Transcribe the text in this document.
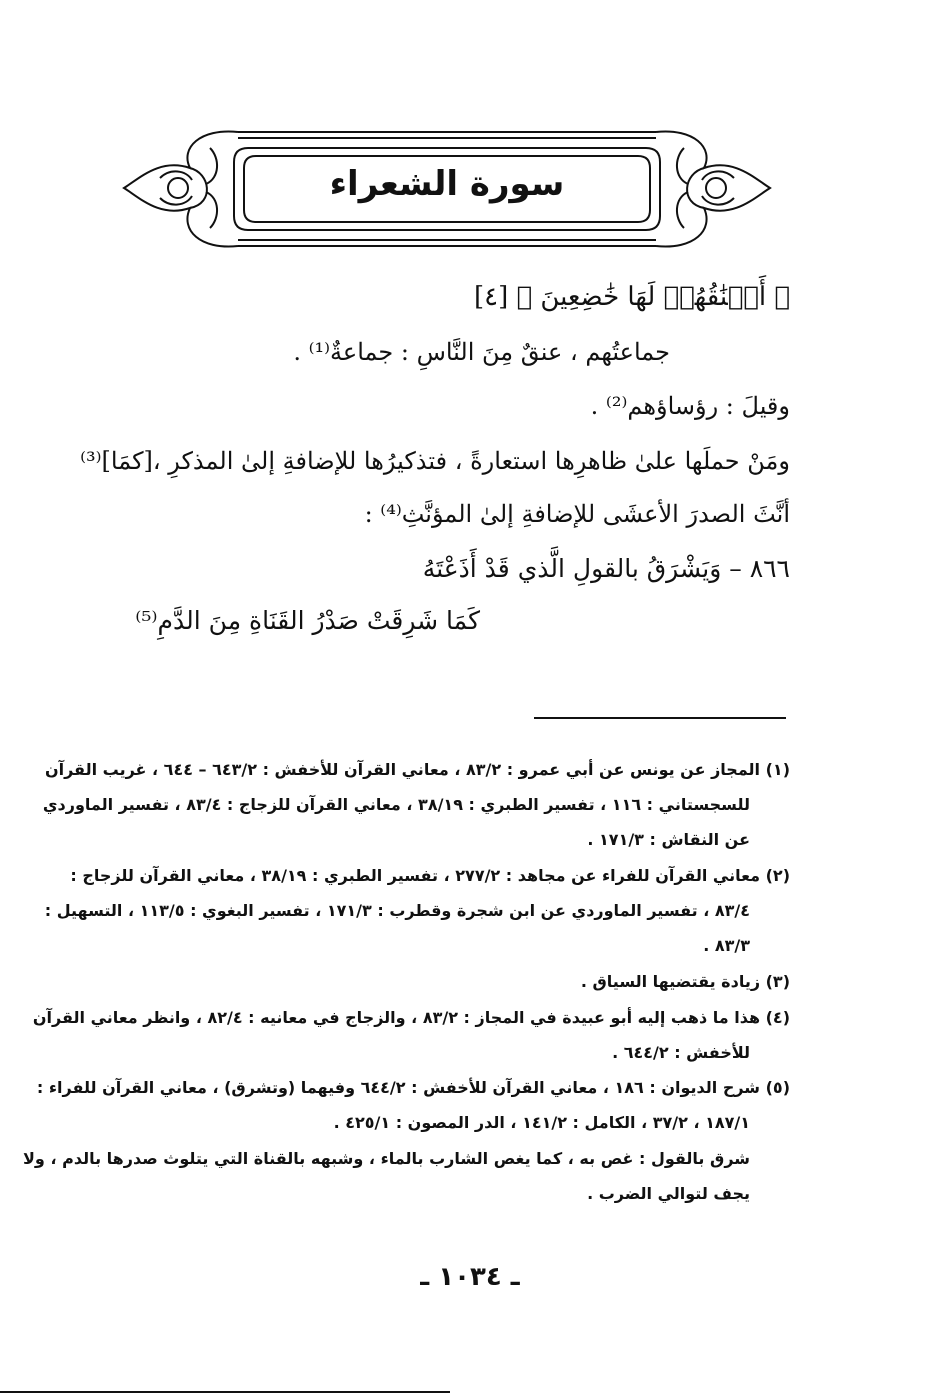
سورة الشعراء
﴿ أَعۡنَٰقُهُمۡ لَهَا خَٰضِعِينَ ﴾ [٤]
جماعتُهم ، عنقٌ مِنَ النَّاسِ : جماعةٌ⁽¹⁾ .
وقيلَ : رؤساؤهم⁽²⁾ .
ومَنْ حملَها علىٰ ظاهرِها استعارةً ، فتذكيرُها للإضافةِ إلىٰ المذكرِ ،[كمَا]⁽³⁾
أنَّثَ الصدرَ الأعشَى للإضافةِ إلىٰ المؤنَّثِ⁽⁴⁾ :
٨٦٦ – وَيَشْرَقُ بالقولِ الَّذي قَدْ أَذَعْتَهُ
كَمَا شَرِقَتْ صَدْرُ القَنَاةِ مِنَ الدَّمِ⁽⁵⁾
(١) المجاز عن يونس عن أبي عمرو : ٨٣/٢ ، معاني القرآن للأخفش : ٦٤٣/٢ – ٦٤٤ ، غريب القرآن
للسجستاني : ١١٦ ، تفسير الطبري : ٣٨/١٩ ، معاني القرآن للزجاج : ٨٣/٤ ، تفسير الماوردي
عن النقاش : ١٧١/٣ .
(٢) معاني القرآن للفراء عن مجاهد : ٢٧٧/٢ ، تفسير الطبري : ٣٨/١٩ ، معاني القرآن للزجاج :
٨٣/٤ ، تفسير الماوردي عن ابن شجرة وقطرب : ١٧١/٣ ، تفسير البغوي : ١١٣/٥ ، التسهيل :
٨٣/٣ .
(٣) زيادة يقتضيها السياق .
(٤) هذا ما ذهب إليه أبو عبيدة في المجاز : ٨٣/٢ ، والزجاج في معانيه : ٨٢/٤ ، وانظر معاني القرآن
للأخفش : ٦٤٤/٢ .
(٥) شرح الديوان : ١٨٦ ، معاني القرآن للأخفش : ٦٤٤/٢ وفيهما (وتشرق) ، معاني القرآن للفراء :
١٨٧/١ ، ٣٧/٢ ، الكامل : ١٤١/٢ ، الدر المصون : ٤٢٥/١ .
شرق بالقول : غص به ، كما يغص الشارب بالماء ، وشبهه بالقناة التي يتلوث صدرها بالدم ، ولا
يجف لتوالي الضرب .
ـ ١٠٣٤ ـ
